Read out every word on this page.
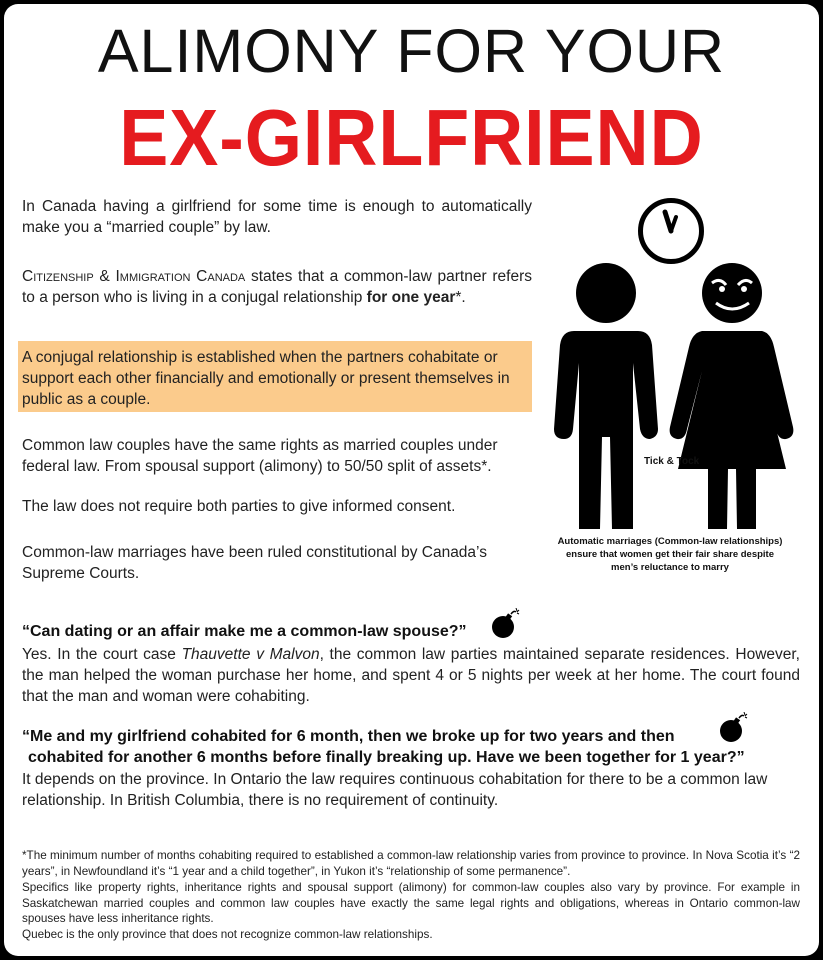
ALIMONY FOR YOUR
EX-GIRLFRIEND
In Canada having a girlfriend for some time is enough to automatically make you a “married couple” by law.
Citizenship & Immigration Canada states that a common-law partner refers to a person who is living in a conjugal relationship for one year*.
A conjugal relationship is established when the partners cohabitate or support each other financially and emotionally or present themselves in public as a couple.
Common law couples have the same rights as married couples under federal law. From spousal support (alimony) to 50/50 split of assets*.
The law does not require both parties to give informed consent.
Common-law marriages have been ruled constitutional by Canada’s Supreme Courts.
Tick & Tock
Automatic marriages (Common-law relationships) ensure that women get their fair share despite men’s reluctance to marry
“Can dating or an affair make me a common-law spouse?”
Yes. In the court case Thauvette v Malvon, the common law parties maintained separate residences. However, the man helped the woman purchase her home, and spent 4 or 5 nights per week at her home. The court found that the man and woman were cohabiting.
“Me and my girlfriend cohabited for 6 month, then we broke up for two years and then
cohabited for another 6 months before finally breaking up. Have we been together for 1 year?”
It depends on the province. In Ontario the law requires continuous cohabitation for there to be a common law relationship. In British Columbia, there is no requirement of continuity.
*The minimum number of months cohabiting required to established a common-law relationship varies from province to province. In Nova Scotia it’s “2 years”, in Newfoundland it’s “1 year and a child together”, in Yukon it’s “relationship of some permanence”.
Specifics like property rights, inheritance rights and spousal support (alimony) for common-law couples also vary by province. For example in Saskatchewan married couples and common law couples have exactly the same legal rights and obligations, whereas in Ontario common-law spouses have less inheritance rights.
Quebec is the only province that does not recognize common-law relationships.
